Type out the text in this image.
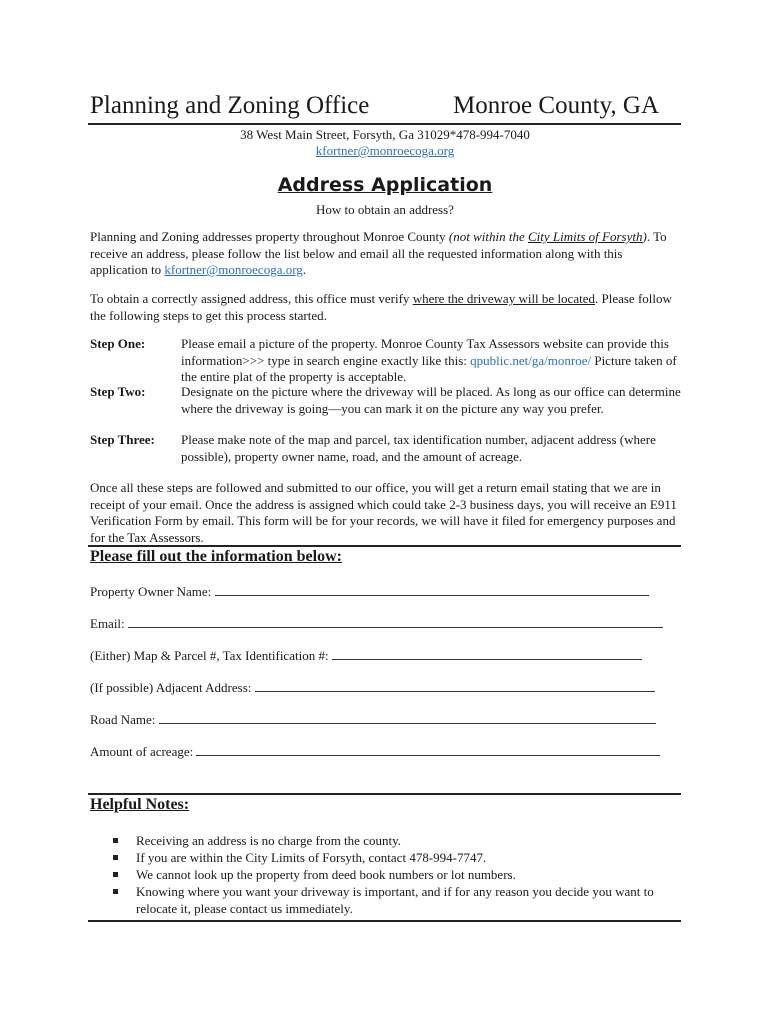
Planning and Zoning Office	Monroe County, GA
38 West Main Street, Forsyth, Ga 31029*478-994-7040
kfortner@monroecoga.org
Address Application
How to obtain an address?
Planning and Zoning addresses property throughout Monroe County (not within the City Limits of Forsyth). To receive an address, please follow the list below and email all the requested information along with this application to kfortner@monroecoga.org.
To obtain a correctly assigned address, this office must verify where the driveway will be located. Please follow the following steps to get this process started.
Step One:	Please email a picture of the property. Monroe County Tax Assessors website can provide this information>>> type in search engine exactly like this: qpublic.net/ga/monroe/ Picture taken of the entire plat of the property is acceptable.
Step Two:	Designate on the picture where the driveway will be placed. As long as our office can determine where the driveway is going—you can mark it on the picture any way you prefer.
Step Three: Please make note of the map and parcel, tax identification number, adjacent address (where possible), property owner name, road, and the amount of acreage.
Once all these steps are followed and submitted to our office, you will get a return email stating that we are in receipt of your email. Once the address is assigned which could take 2-3 business days, you will receive an E911 Verification Form by email. This form will be for your records, we will have it filed for emergency purposes and for the Tax Assessors.
Please fill out the information below:
Property Owner Name:
Email:
(Either) Map & Parcel #, Tax Identification #:
(If possible) Adjacent Address:
Road Name:
Amount of acreage:
Helpful Notes:
Receiving an address is no charge from the county.
If you are within the City Limits of Forsyth, contact 478-994-7747.
We cannot look up the property from deed book numbers or lot numbers.
Knowing where you want your driveway is important, and if for any reason you decide you want to relocate it, please contact us immediately.
